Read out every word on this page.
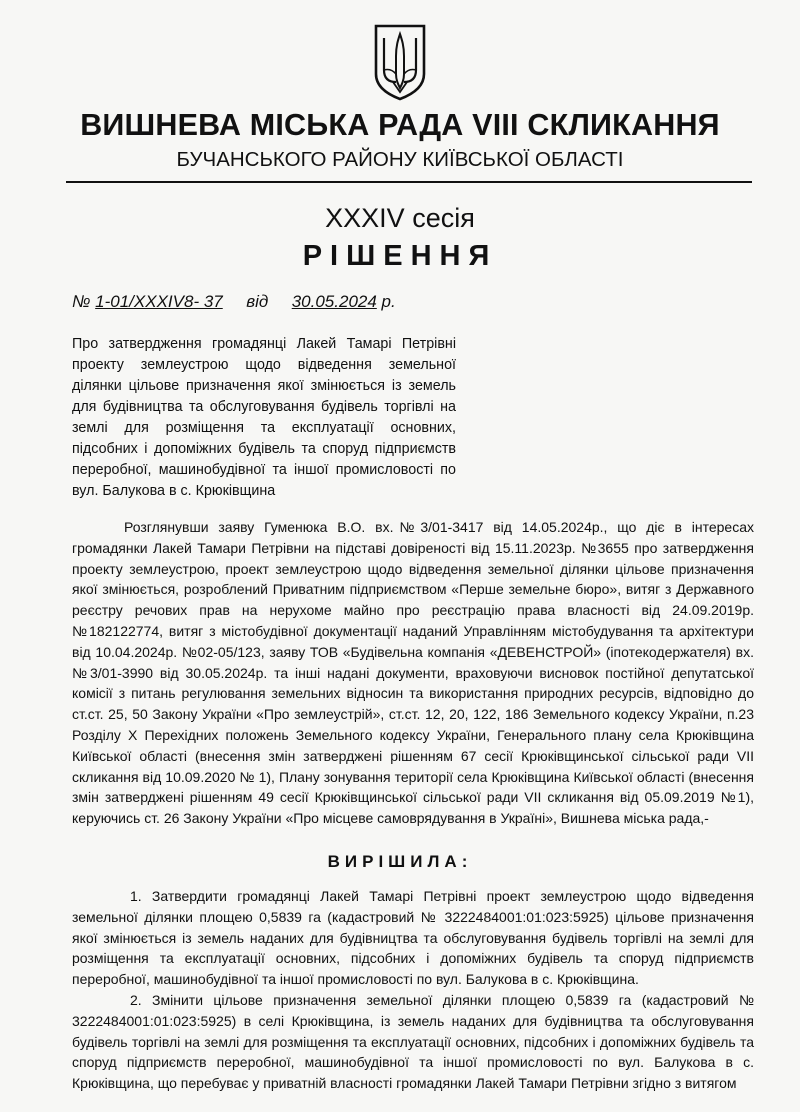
ВИШНЕВА МІСЬКА РАДА VIII СКЛИКАННЯ
БУЧАНСЬКОГО РАЙОНУ КИЇВСЬКОЇ ОБЛАСТІ
XXXIV сесія
РІШЕННЯ
№ 1-01/XXXIV8- 37 від 30.05.2024 р.
Про затвердження громадянці Лакей Тамарі Петрівні проекту землеустрою щодо відведення земельної ділянки цільове призначення якої змінюється із земель для будівництва та обслуговування будівель торгівлі на землі для розміщення та експлуатації основних, підсобних і допоміжних будівель та споруд підприємств переробної, машинобудівної та іншої промисловості по вул. Балукова в с. Крюківщина
Розглянувши заяву Гуменюка В.О. вх.№3/01-3417 від 14.05.2024р., що діє в інтересах громадянки Лакей Тамари Петрівни на підставі довіреності від 15.11.2023р. №3655 про затвердження проекту землеустрою, проект землеустрою щодо відведення земельної ділянки цільове призначення якої змінюється, розроблений Приватним підприємством «Перше земельне бюро», витяг з Державного реєстру речових прав на нерухоме майно про реєстрацію права власності від 24.09.2019р. №182122774, витяг з містобудівної документації наданий Управлінням містобудування та архітектури від 10.04.2024р. №02-05/123, заяву ТОВ «Будівельна компанія «ДЕВЕНСТРОЙ» (іпотекодержателя) вх.№3/01-3990 від 30.05.2024р. та інші надані документи, враховуючи висновок постійної депутатської комісії з питань регулювання земельних відносин та використання природних ресурсів, відповідно до ст.ст. 25, 50 Закону України «Про землеустрій», ст.ст. 12, 20, 122, 186 Земельного кодексу України, п.23 Розділу X Перехідних положень Земельного кодексу України, Генерального плану села Крюківщина Київської області (внесення змін затверджені рішенням 67 сесії Крюківщинської сільської ради VII скликання від 10.09.2020 № 1), Плану зонування території села Крюківщина Київської області (внесення змін затверджені рішенням 49 сесії Крюківщинської сільської ради VII скликання від 05.09.2019 №1), керуючись ст. 26 Закону України «Про місцеве самоврядування в Україні», Вишнева міська рада,-
ВИРІШИЛА:
1. Затвердити громадянці Лакей Тамарі Петрівні проект землеустрою щодо відведення земельної ділянки площею 0,5839 га (кадастровий № 3222484001:01:023:5925) цільове призначення якої змінюється із земель наданих для будівництва та обслуговування будівель торгівлі на землі для розміщення та експлуатації основних, підсобних і допоміжних будівель та споруд підприємств переробної, машинобудівної та іншої промисловості по вул. Балукова в с. Крюківщина.
2. Змінити цільове призначення земельної ділянки площею 0,5839 га (кадастровий № 3222484001:01:023:5925) в селі Крюківщина, із земель наданих для будівництва та обслуговування будівель торгівлі на землі для розміщення та експлуатації основних, підсобних і допоміжних будівель та споруд підприємств переробної, машинобудівної та іншої промисловості по вул. Балукова в с. Крюківщина, що перебуває у приватній власності громадянки Лакей Тамари Петрівни згідно з витягом
